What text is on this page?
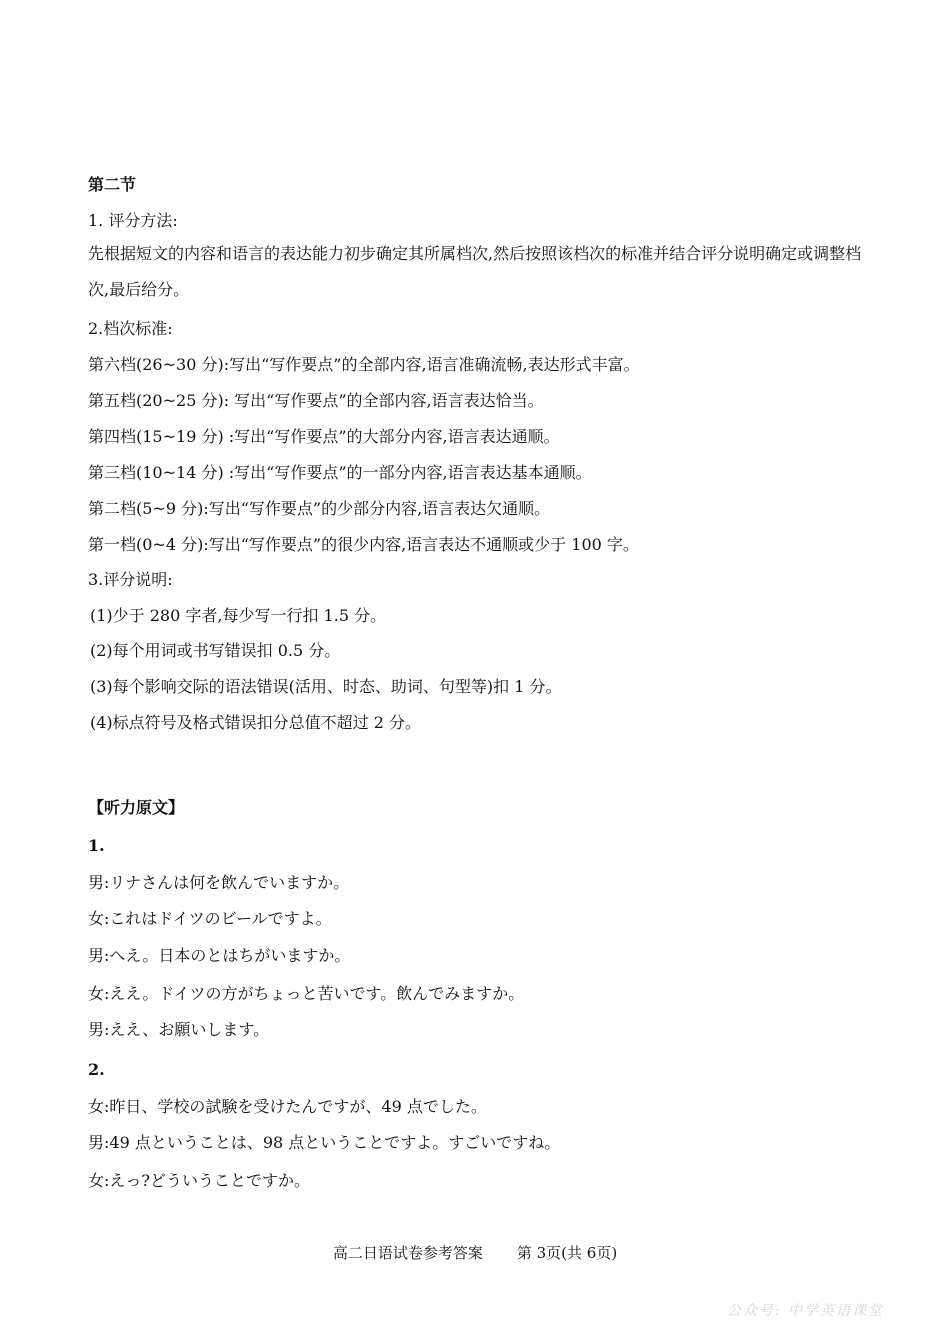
第二节
1. 评分方法:
先根据短文的内容和语言的表达能力初步确定其所属档次,然后按照该档次的标准并结合评分说明确定或调整档次,最后给分。
2.档次标准:
第六档(26~30 分):写出“写作要点”的全部内容,语言准确流畅,表达形式丰富。
第五档(20~25 分): 写出“写作要点”的全部内容,语言表达恰当。
第四档(15~19 分) :写出“写作要点”的大部分内容,语言表达通顺。
第三档(10~14 分) :写出“写作要点”的一部分内容,语言表达基本通顺。
第二档(5~9 分):写出“写作要点”的少部分内容,语言表达欠通顺。
第一档(0~4 分):写出“写作要点”的很少内容,语言表达不通顺或少于 100 字。
3.评分说明:
(1)少于 280 字者,每少写一行扣 1.5 分。
(2)每个用词或书写错误扣 0.5 分。
(3)每个影响交际的语法错误(活用、时态、助词、句型等)扣 1 分。
(4)标点符号及格式错误扣分总值不超过 2 分。
【听力原文】
1.
男:リナさんは何を飲んでいますか。
女:これはドイツのビールですよ。
男:へえ。日本のとはちがいますか。
女:ええ。ドイツの方がちょっと苦いです。飲んでみますか。
男:ええ、お願いします。
2.
女:昨日、学校の試験を受けたんですが、49 点でした。
男:49 点ということは、98 点ということですよ。すごいですね。
女:えっ?どういうことですか。
高二日语试卷参考答案 第 3页(共 6页)
公众号: 中学英语课堂
